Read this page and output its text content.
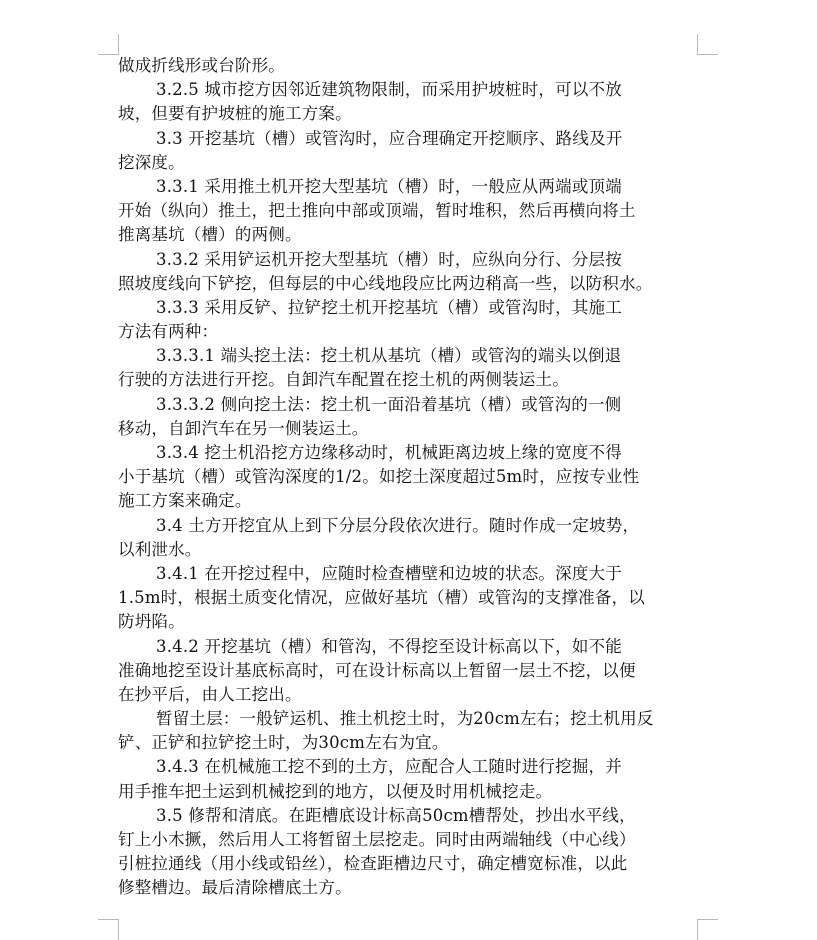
做成折线形或台阶形。
3.2.5 城市挖方因邻近建筑物限制，而采用护坡桩时，可以不放
坡，但要有护坡桩的施工方案。
3.3 开挖基坑（槽）或管沟时，应合理确定开挖顺序、路线及开
挖深度。
3.3.1 采用推土机开挖大型基坑（槽）时，一般应从两端或顶端
开始（纵向）推土，把土推向中部或顶端，暂时堆积，然后再横向将土
推离基坑（槽）的两侧。
3.3.2 采用铲运机开挖大型基坑（槽）时，应纵向分行、分层按
照坡度线向下铲挖，但每层的中心线地段应比两边稍高一些，以防积水。
3.3.3 采用反铲、拉铲挖土机开挖基坑（槽）或管沟时，其施工
方法有两种：
3.3.3.1 端头挖土法：挖土机从基坑（槽）或管沟的端头以倒退
行驶的方法进行开挖。自卸汽车配置在挖土机的两侧装运土。
3.3.3.2 侧向挖土法：挖土机一面沿着基坑（槽）或管沟的一侧
移动，自卸汽车在另一侧装运土。
3.3.4 挖土机沿挖方边缘移动时，机械距离边坡上缘的宽度不得
小于基坑（槽）或管沟深度的1/2。如挖土深度超过5m时，应按专业性
施工方案来确定。
3.4 土方开挖宜从上到下分层分段依次进行。随时作成一定坡势，
以利泄水。
3.4.1 在开挖过程中，应随时检查槽壁和边坡的状态。深度大于
1.5m时，根据土质变化情况，应做好基坑（槽）或管沟的支撑准备，以
防坍陷。
3.4.2 开挖基坑（槽）和管沟，不得挖至设计标高以下，如不能
准确地挖至设计基底标高时，可在设计标高以上暂留一层土不挖，以便
在抄平后，由人工挖出。
暂留土层：一般铲运机、推土机挖土时，为20cm左右；挖土机用反
铲、正铲和拉铲挖土时，为30cm左右为宜。
3.4.3 在机械施工挖不到的土方，应配合人工随时进行挖掘，并
用手推车把土运到机械挖到的地方，以便及时用机械挖走。
3.5 修帮和清底。在距槽底设计标高50cm槽帮处，抄出水平线，
钉上小木撅，然后用人工将暂留土层挖走。同时由两端轴线（中心线）
引桩拉通线（用小线或铅丝），检查距槽边尺寸，确定槽宽标准，以此
修整槽边。最后清除槽底土方。
